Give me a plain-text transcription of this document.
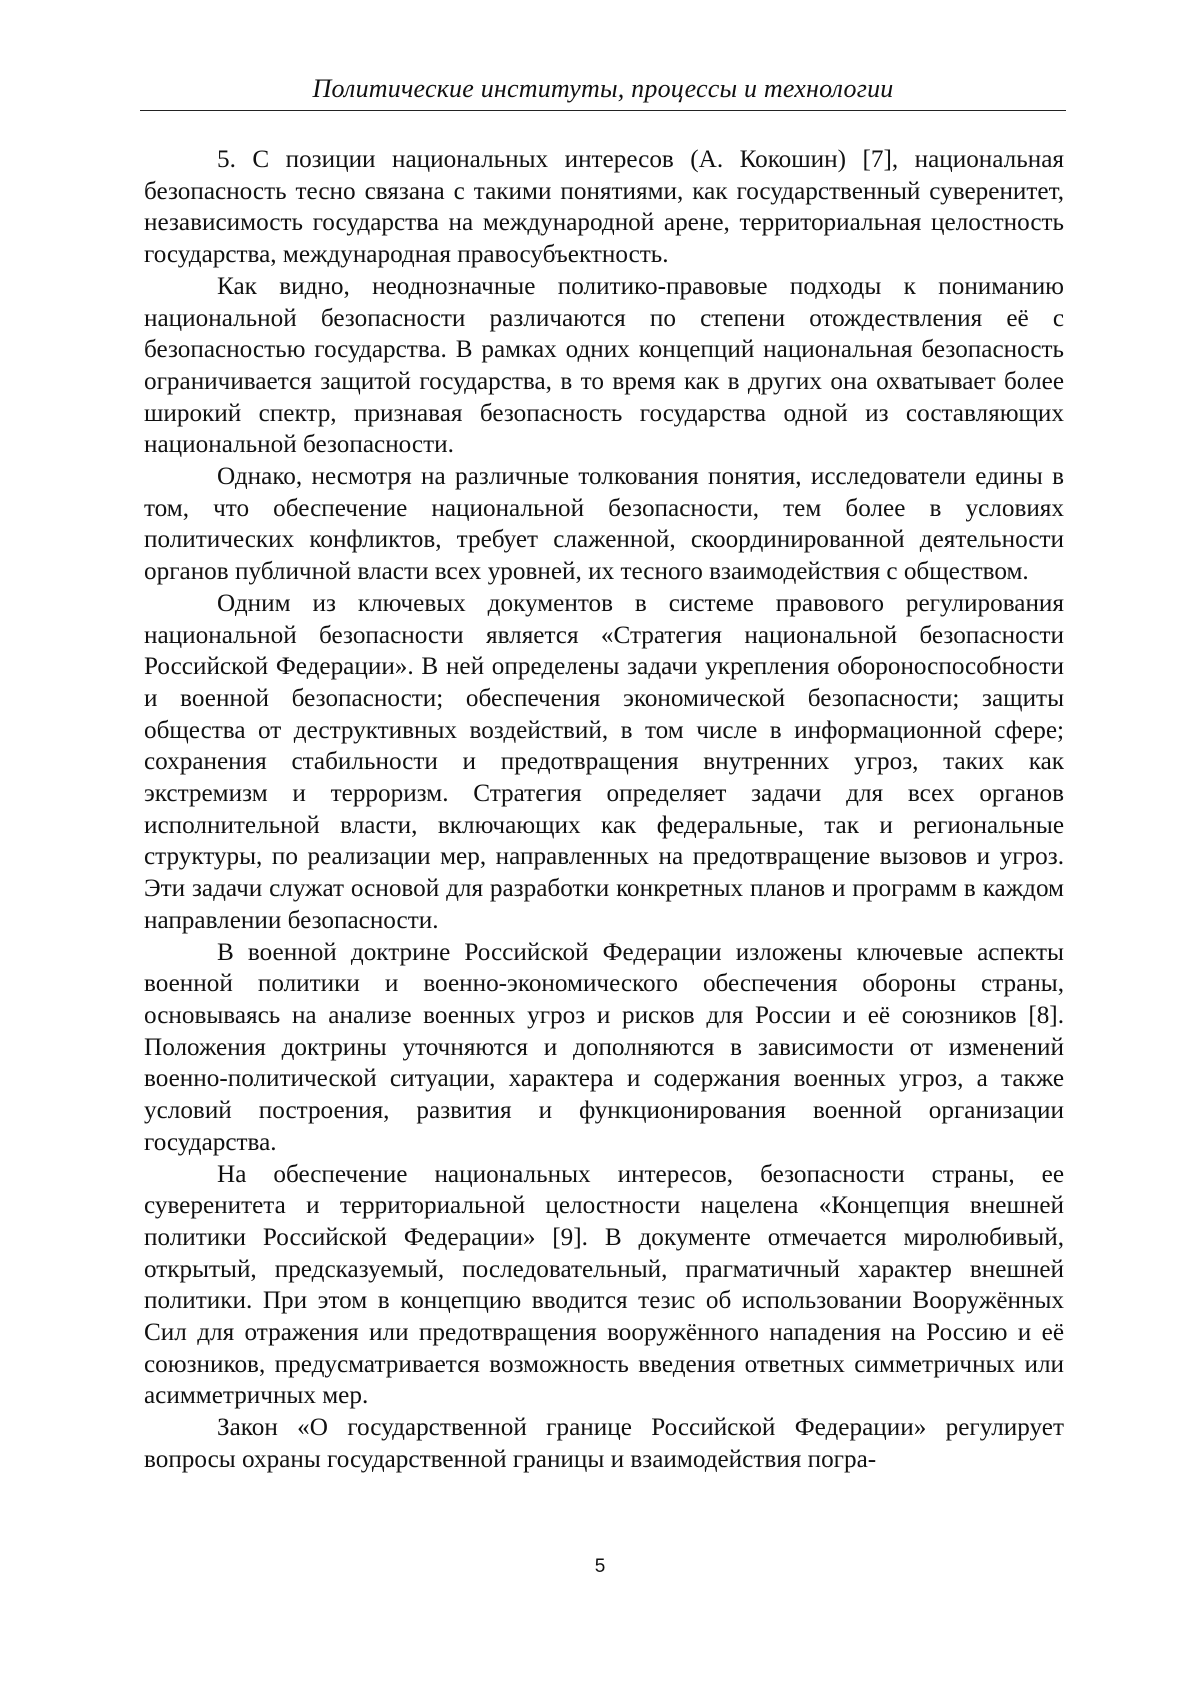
Политические институты, процессы и технологии

5. С позиции национальных интересов (А. Кокошин) [7], национальная безопасность тесно связана с такими понятиями, как государственный суверенитет, независимость государства на международной арене, территориальная целостность государства, международная правосубъектность.

Как видно, неоднозначные политико-правовые подходы к пониманию национальной безопасности различаются по степени отождествления её с безопасностью государства. В рамках одних концепций национальная безопасность ограничивается защитой государства, в то время как в других она охватывает более широкий спектр, признавая безопасность государства одной из составляющих национальной безопасности.

Однако, несмотря на различные толкования понятия, исследователи едины в том, что обеспечение национальной безопасности, тем более в условиях политических конфликтов, требует слаженной, скоординированной деятельности органов публичной власти всех уровней, их тесного взаимодействия с обществом.

Одним из ключевых документов в системе правового регулирования национальной безопасности является «Стратегия национальной безопасности Российской Федерации». В ней определены задачи укрепления обороноспособности и военной безопасности; обеспечения экономической безопасности; защиты общества от деструктивных воздействий, в том числе в информационной сфере; сохранения стабильности и предотвращения внутренних угроз, таких как экстремизм и терроризм. Стратегия определяет задачи для всех органов исполнительной власти, включающих как федеральные, так и региональные структуры, по реализации мер, направленных на предотвращение вызовов и угроз. Эти задачи служат основой для разработки конкретных планов и программ в каждом направлении безопасности.

В военной доктрине Российской Федерации изложены ключевые аспекты военной политики и военно-экономического обеспечения обороны страны, основываясь на анализе военных угроз и рисков для России и её союзников [8]. Положения доктрины уточняются и дополняются в зависимости от изменений военно-политической ситуации, характера и содержания военных угроз, а также условий построения, развития и функционирования военной организации государства.

На обеспечение национальных интересов, безопасности страны, ее суверенитета и территориальной целостности нацелена «Концепция внешней политики Российской Федерации» [9]. В документе отмечается миролюбивый, открытый, предсказуемый, последовательный, прагматичный характер внешней политики. При этом в концепцию вводится тезис об использовании Вооружённых Сил для отражения или предотвращения вооружённого нападения на Россию и её союзников, предусматривается возможность введения ответных симметричных или асимметричных мер.

Закон «О государственной границе Российской Федерации» регулирует вопросы охраны государственной границы и взаимодействия погра-

5
